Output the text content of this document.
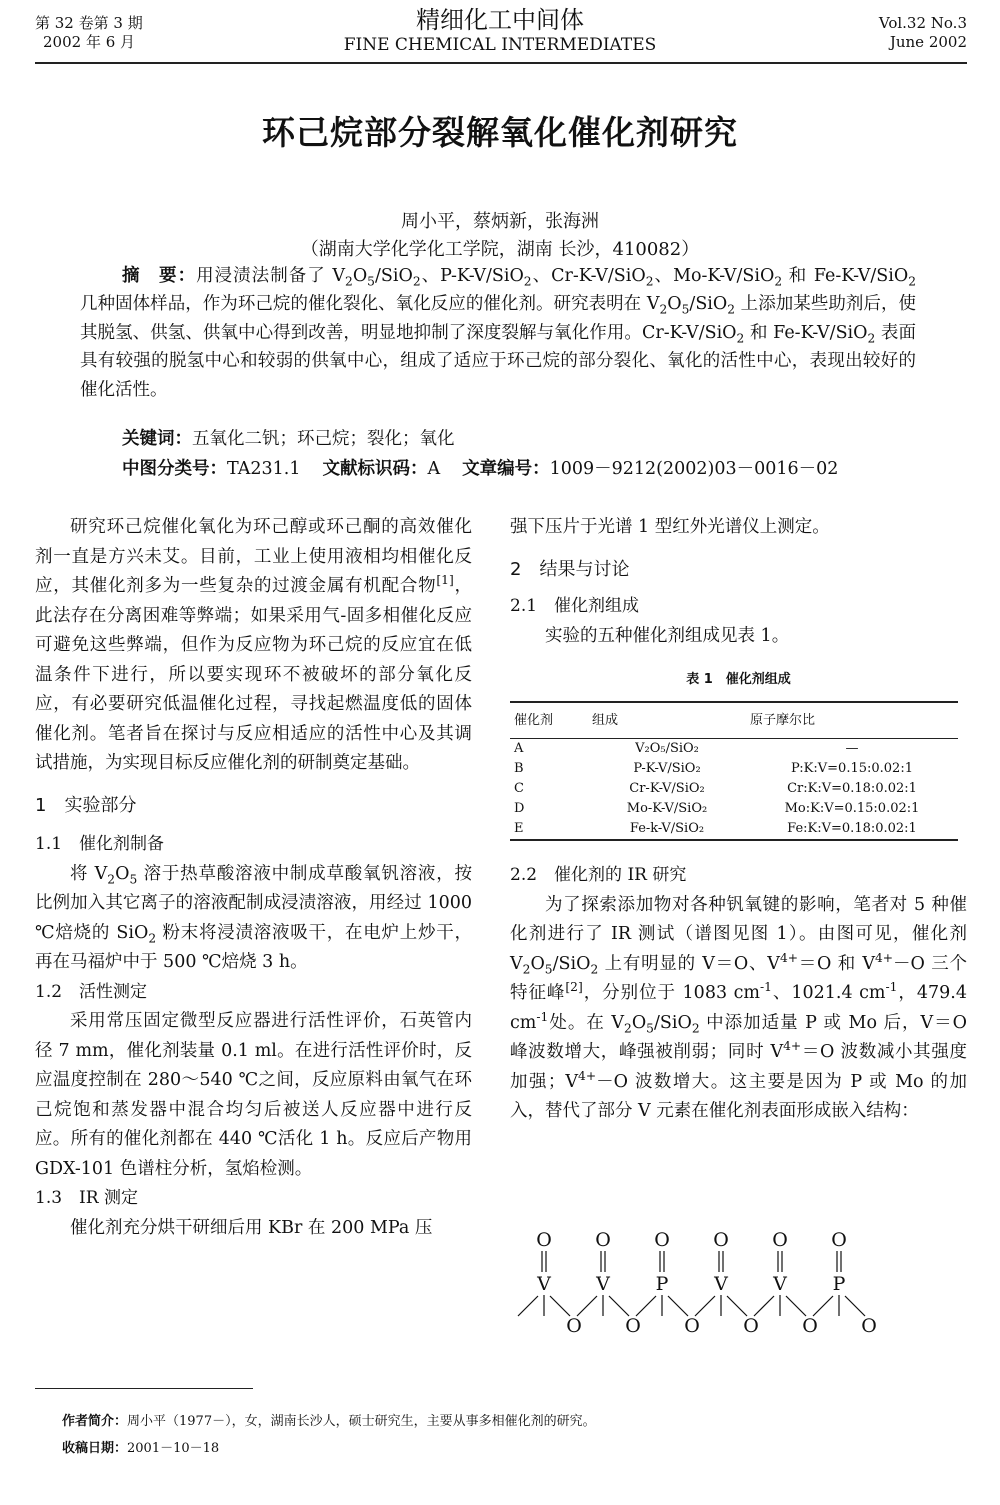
第 32 卷第 3 期
2002 年 6 月
精细化工中间体
FINE CHEMICAL INTERMEDIATES
Vol.32 No.3
June 2002
环己烷部分裂解氧化催化剂研究
周小平，蔡炳新，张海洲
（湖南大学化学化工学院，湖南 长沙，410082）
摘　要：用浸渍法制备了 $V_2O_5/SiO_2$、P-K-V/SiO$_2$、Cr-K-V/SiO$_2$、Mo-K-V/SiO$_2$ 和 Fe-K-V/SiO$_2$ 几种固体样品，作为环己烷的催化裂化、氧化反应的催化剂。研究表明在 $V_2O_5/SiO_2$ 上添加某些助剂后，使其脱氢、供氢、供氧中心得到改善，明显地抑制了深度裂解与氧化作用。Cr-K-V/SiO$_2$ 和 Fe-K-V/SiO$_2$ 表面具有较强的脱氢中心和较弱的供氧中心，组成了适应于环己烷的部分裂化、氧化的活性中心，表现出较好的催化活性。
关键词：五氧化二钒；环己烷；裂化；氧化
中图分类号：TA231.1 文献标识码：A 文章编号：1009－9212(2002)03－0016－02
研究环己烷催化氧化为环己醇或环己酮的高效催化剂一直是方兴未艾。目前，工业上使用液相均相催化反应，其催化剂多为一些复杂的过渡金属有机配合物[1]，此法存在分离困难等弊端；如果采用气-固多相催化反应可避免这些弊端，但作为反应物为环己烷的反应宜在低温条件下进行，所以要实现环不被破坏的部分氧化反应，有必要研究低温催化过程，寻找起燃温度低的固体催化剂。笔者旨在探讨与反应相适应的活性中心及其调试措施，为实现目标反应催化剂的研制奠定基础。
1　实验部分
1.1　催化剂制备
将 $V_2O_5$ 溶于热草酸溶液中制成草酸氧钒溶液，按比例加入其它离子的溶液配制成浸渍溶液，用经过 1000 ℃焙烧的 SiO$_2$ 粉末将浸渍溶液吸干，在电炉上炒干，再在马福炉中于 500 ℃焙烧 3 h。
1.2　活性测定
采用常压固定微型反应器进行活性评价，石英管内径 7 mm，催化剂装量 0.1 ml。在进行活性评价时，反应温度控制在 280～540 ℃之间，反应原料由氧气在环己烷饱和蒸发器中混合均匀后被送人反应器中进行反应。所有的催化剂都在 440 ℃活化 1 h。反应后产物用 GDX-101 色谱柱分析，氢焰检测。
1.3　IR 测定
催化剂充分烘干研细后用 KBr 在 200 MPa 压
强下压片于光谱 1 型红外光谱仪上测定。
2　结果与讨论
2.1　催化剂组成
实验的五种催化剂组成见表 1。
表 1　催化剂组成
催化剂	组成	原子摩尔比
A	V₂O₅/SiO₂	—
B	P-K-V/SiO₂	P:K:V=0.15:0.02:1
C	Cr-K-V/SiO₂	Cr:K:V=0.18:0.02:1
D	Mo-K-V/SiO₂	Mo:K:V=0.15:0.02:1
E	Fe-k-V/SiO₂	Fe:K:V=0.18:0.02:1
2.2　催化剂的 IR 研究
为了探索添加物对各种钒氧键的影响，笔者对 5 种催化剂进行了 IR 测试（谱图见图 1）。由图可见，催化剂 $V_2O_5/SiO_2$ 上有明显的 V＝O、$V^{4+}=O$ 和 $V^{4+}-O$ 三个特征峰[2]，分别位于 1083 $cm^{-1}$、1021.4 $cm^{-1}$，479.4 $cm^{-1}$处。在 $V_2O_5/SiO_2$ 中添加适量 P 或 Mo 后，V＝O 峰波数增大，峰强被削弱；同时 $V^{4+}=O$ 波数减小其强度加强；$V^{4+}-O$ 波数增大。这主要是因为 P 或 Mo 的加入，替代了部分 V 元素在催化剂表面形成嵌入结构：
O
V
O
V
O
P
O
V
O
V
O
P
O O O O O O
作者简介：周小平（1977－），女，湖南长沙人，硕士研究生，主要从事多相催化剂的研究。
收稿日期：2001－10－18
